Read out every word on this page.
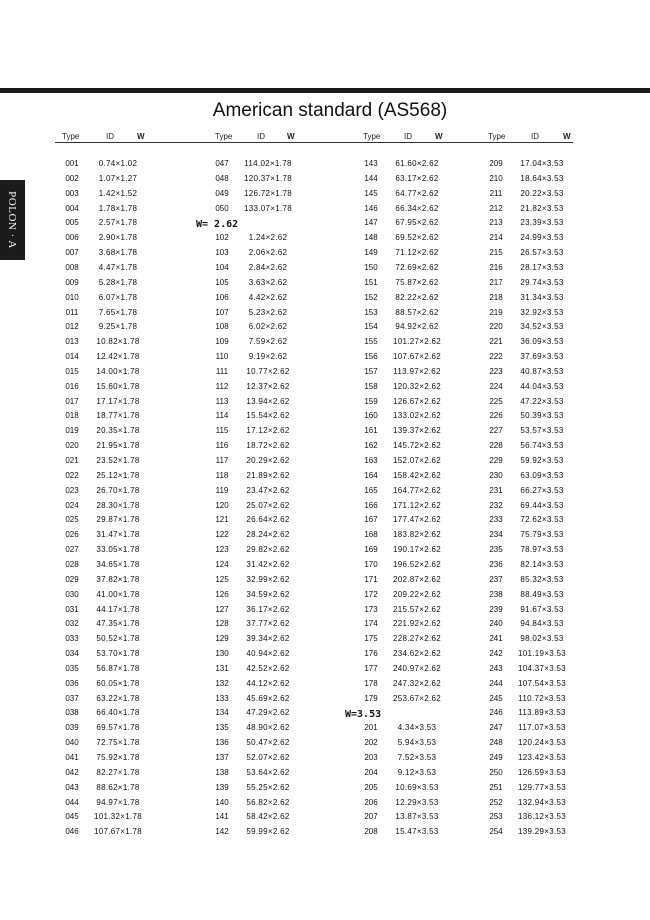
POLON · A
American standard (AS568)
Type	ID	W	Type	ID	W	Type	ID	W	Type	ID	W
001	0.74×1.02
002	1.07×1.27
003	1.42×1.52
004	1.78×1.78
005	2.57×1.78
006	2.90×1.78
007	3.68×1.78
008	4.47×1.78
009	5.28×1.78
010	6.07×1.78
011	7.65×1.78
012	9.25×1.78
013	10.82×1.78
014	12.42×1.78
015	14.00×1.78
016	15.60×1.78
017	17.17×1.78
018	18.77×1.78
019	20.35×1.78
020	21.95×1.78
021	23.52×1.78
022	25.12×1.78
023	26.70×1.78
024	28.30×1.78
025	29.87×1.78
026	31.47×1.78
027	33.05×1.78
028	34.65×1.78
029	37.82×1.78
030	41.00×1.78
031	44.17×1.78
032	47.35×1.78
033	50.52×1.78
034	53.70×1.78
035	56.87×1.78
036	60.05×1.78
037	63.22×1.78
038	66.40×1.78
039	69.57×1.78
040	72.75×1.78
041	75.92×1.78
042	82.27×1.78
043	88.62×1.78
044	94.97×1.78
045	101.32×1.78
046	107.67×1.78
047	114.02×1.78
048	120.37×1.78
049	126.72×1.78
050	133.07×1.78
W= 2.62
102	1.24×2.62
103	2.06×2.62
104	2.84×2.62
105	3.63×2.62
106	4.42×2.62
107	5.23×2.62
108	6.02×2.62
109	7.59×2.62
110	9.19×2.62
111	10.77×2.62
112	12.37×2.62
113	13.94×2.62
114	15.54×2.62
115	17.12×2.62
116	18.72×2.62
117	20.29×2.62
118	21.89×2.62
119	23.47×2.62
120	25.07×2.62
121	26.64×2.62
122	28.24×2.62
123	29.82×2.62
124	31.42×2.62
125	32.99×2.62
126	34.59×2.62
127	36.17×2.62
128	37.77×2.62
129	39.34×2.62
130	40.94×2.62
131	42.52×2.62
132	44.12×2.62
133	45.69×2.62
134	47.29×2.62
135	48.90×2.62
136	50.47×2.62
137	52.07×2.62
138	53.64×2.62
139	55.25×2.62
140	56.82×2.62
141	58.42×2.62
142	59.99×2.62
143	61.60×2.62
144	63.17×2.62
145	64.77×2.62
146	66.34×2.62
147	67.95×2.62
148	69.52×2.62
149	71.12×2.62
150	72.69×2.62
151	75.87×2.62
152	82.22×2.62
153	88.57×2.62
154	94.92×2.62
155	101.27×2.62
156	107.67×2.62
157	113.97×2.62
158	120.32×2.62
159	126.67×2.62
160	133.02×2.62
161	139.37×2.62
162	145.72×2.62
163	152.07×2.62
164	158.42×2.62
165	164.77×2.62
166	171.12×2.62
167	177.47×2.62
168	183.82×2.62
169	190.17×2.62
170	196.52×2.62
171	202.87×2.62
172	209.22×2.62
173	215.57×2.62
174	221.92×2.62
175	228.27×2.62
176	234.62×2.62
177	240.97×2.62
178	247.32×2.62
179	253.67×2.62
W=3.53
201	4.34×3.53
202	5.94×3.53
203	7.52×3.53
204	9.12×3.53
205	10.69×3.53
206	12.29×3.53
207	13.87×3.53
208	15.47×3.53
209	17.04×3.53
210	18.64×3.53
211	20.22×3.53
212	21.82×3.53
213	23.39×3.53
214	24.99×3.53
215	26.57×3.53
216	28.17×3.53
217	29.74×3.53
218	31.34×3.53
219	32.92×3.53
220	34.52×3.53
221	36.09×3.53
222	37.69×3.53
223	40.87×3.53
224	44.04×3.53
225	47.22×3.53
226	50.39×3.53
227	53.57×3.53
228	56.74×3.53
229	59.92×3.53
230	63.09×3.53
231	66.27×3.53
232	69.44×3.53
233	72.62×3.53
234	75.79×3.53
235	78.97×3.53
236	82.14×3.53
237	85.32×3.53
238	88.49×3.53
239	91.67×3.53
240	94.84×3.53
241	98.02×3.53
242	101.19×3.53
243	104.37×3.53
244	107.54×3.53
245	110.72×3.53
246	113.89×3.53
247	117.07×3.53
248	120.24×3.53
249	123.42×3.53
250	126.59×3.53
251	129.77×3.53
252	132.94×3.53
253	136.12×3.53
254	139.29×3.53
